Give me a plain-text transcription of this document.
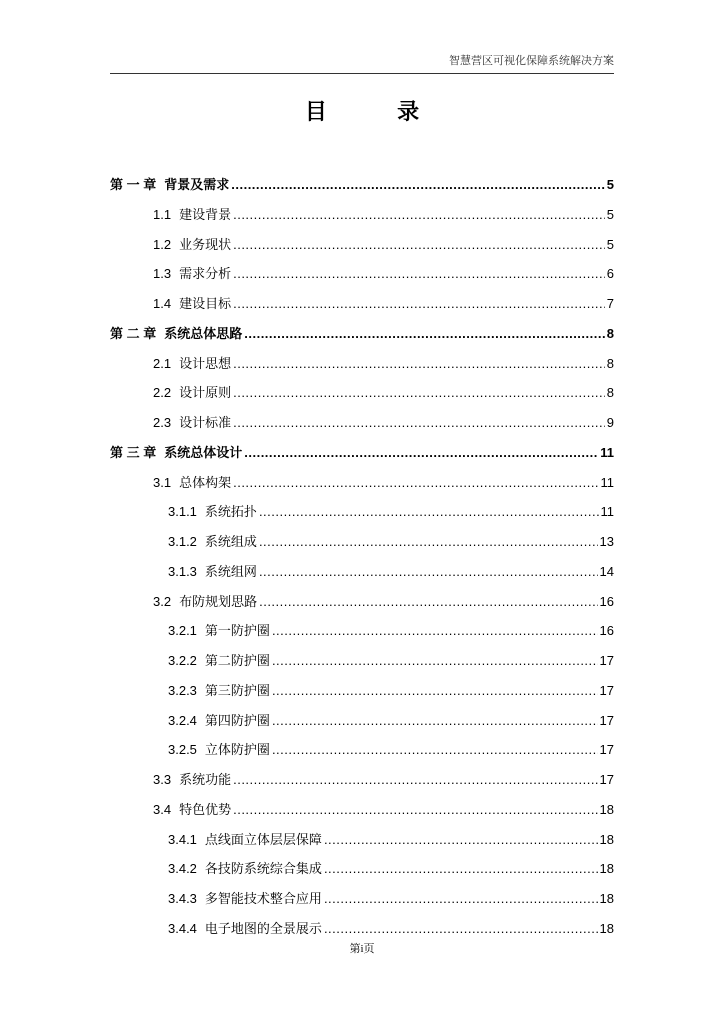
智慧营区可视化保障系统解决方案
目	录
第 一 章 背景及需求 .....	5
1.1 建设背景 .....	5
1.2 业务现状 .....	5
1.3 需求分析 .....	6
1.4 建设目标 .....	7
第 二 章 系统总体思路 .....	8
2.1 设计思想 .....	8
2.2 设计原则 .....	8
2.3 设计标准 .....	9
第 三 章 系统总体设计 .....	11
3.1 总体构架 .....	11
3.1.1 系统拓扑 .....	11
3.1.2 系统组成 .....	13
3.1.3 系统组网 .....	14
3.2 布防规划思路 .....	16
3.2.1 第一防护圈 .....	16
3.2.2 第二防护圈 .....	17
3.2.3 第三防护圈 .....	17
3.2.4 第四防护圈 .....	17
3.2.5 立体防护圈 .....	17
3.3 系统功能 .....	17
3.4 特色优势 .....	18
3.4.1 点线面立体层层保障 .....	18
3.4.2 各技防系统综合集成 .....	18
3.4.3 多智能技术整合应用 .....	18
3.4.4 电子地图的全景展示 .....	18
第i页
